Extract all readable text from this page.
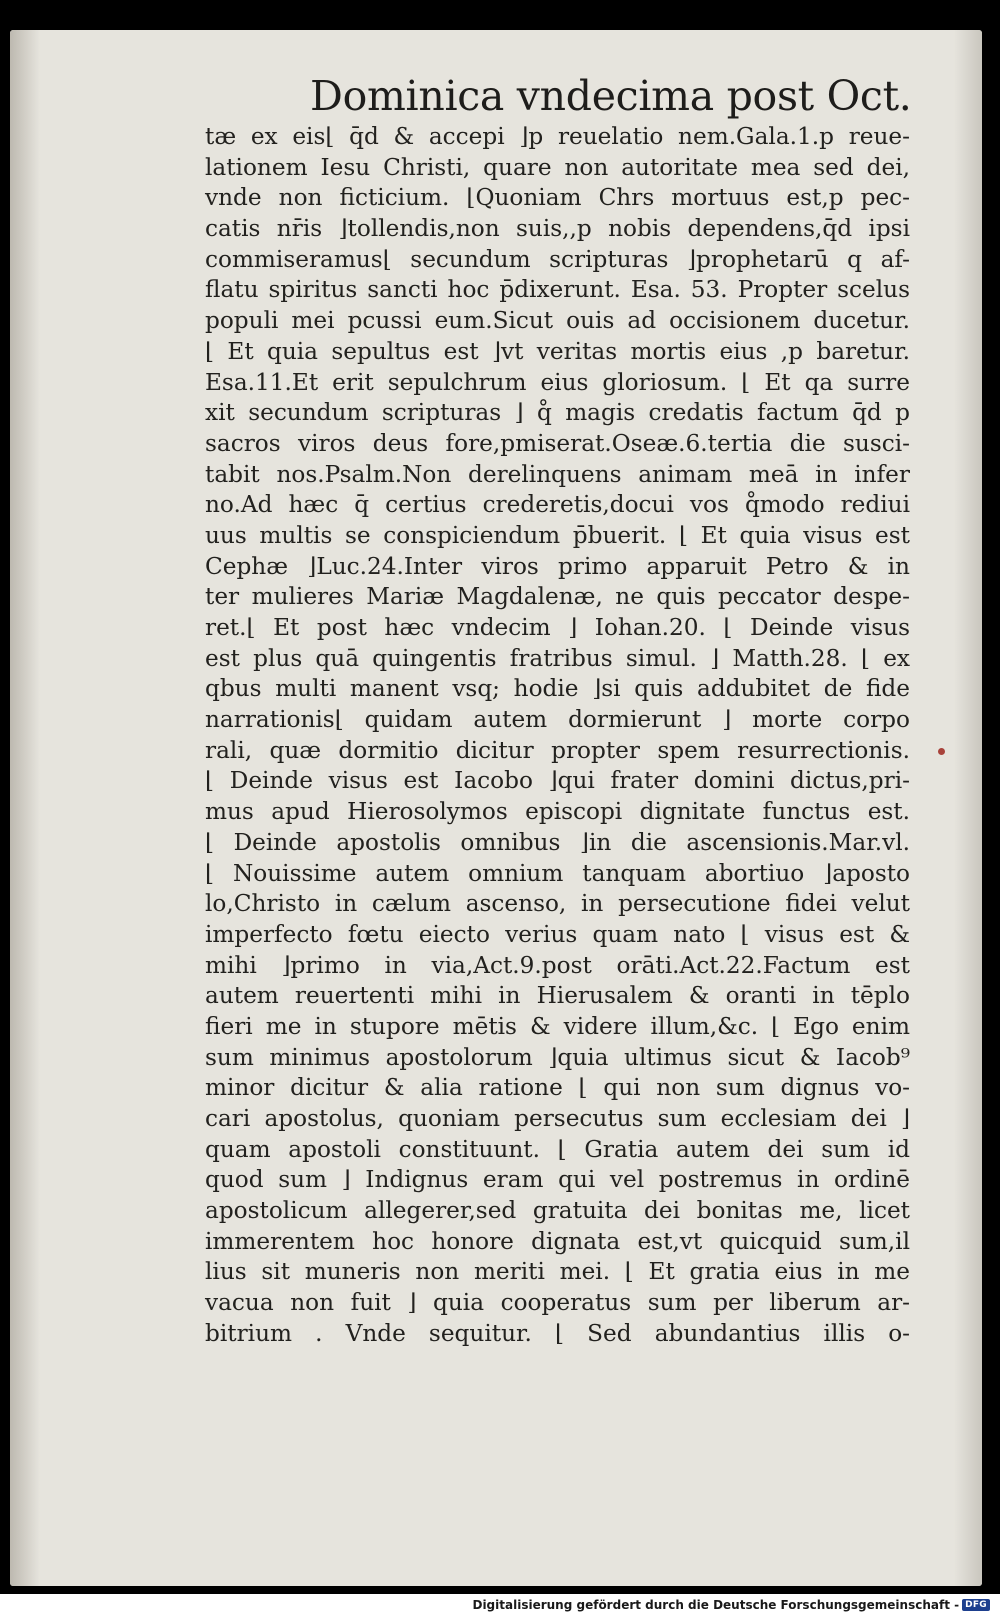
Dominica vndecima post Oct.
tæ ex eis⌊ q̄d & accepi ⌋p reuelatio nem.Gala.1.p reue-
lationem Iesu Christi, quare non autoritate mea sed dei,
vnde non ficticium. ⌊Quoniam Chrs mortuus est,p pec-
catis nr̄is ⌋tollendis,non suis,,p nobis dependens,q̄d ipsi
commiseramus⌊ secundum scripturas ⌋prophetarū q af-
flatu spiritus sancti hoc p̄dixerunt. Esa. 53. Propter scelus
populi mei pcussi eum.Sicut ouis ad occisionem ducetur.
⌊ Et quia sepultus est ⌋vt veritas mortis eius ,p baretur.
Esa.11.Et erit sepulchrum eius gloriosum. ⌊ Et qa surre
xit secundum scripturas ⌋ q̊ magis credatis factum q̄d p
sacros viros deus fore,pmiserat.Oseæ.6.tertia die susci-
tabit nos.Psalm.Non derelinquens animam meā in infer
no.Ad hæc q̄ certius crederetis,docui vos q̊modo rediui
uus multis se conspiciendum p̄buerit. ⌊ Et quia visus est
Cephæ ⌋Luc.24.Inter viros primo apparuit Petro & in
ter mulieres Mariæ Magdalenæ, ne quis peccator despe-
ret.⌊ Et post hæc vndecim ⌋ Iohan.20. ⌊ Deinde visus
est plus quā quingentis fratribus simul. ⌋ Matth.28. ⌊ ex
qbus multi manent vsq; hodie ⌋si quis addubitet de fide
narrationis⌊ quidam autem dormierunt ⌋ morte corpo
rali, quæ dormitio dicitur propter spem resurrectionis.
⌊ Deinde visus est Iacobo ⌋qui frater domini dictus,pri-
mus apud Hierosolymos episcopi dignitate functus est.
⌊ Deinde apostolis omnibus ⌋in die ascensionis.Mar.vl.
⌊ Nouissime autem omnium tanquam abortiuo ⌋aposto
lo,Christo in cælum ascenso, in persecutione fidei velut
imperfecto fœtu eiecto verius quam nato ⌊ visus est &
mihi ⌋primo in via,Act.9.post orāti.Act.22.Factum est
autem reuertenti mihi in Hierusalem & oranti in tēplo
fieri me in stupore mētis & videre illum,&c. ⌊ Ego enim
sum minimus apostolorum ⌋quia ultimus sicut & Iacob⁹
minor dicitur & alia ratione ⌊ qui non sum dignus vo-
cari apostolus, quoniam persecutus sum ecclesiam dei ⌋
quam apostoli constituunt. ⌊ Gratia autem dei sum id
quod sum ⌋ Indignus eram qui vel postremus in ordinē
apostolicum allegerer,sed gratuita dei bonitas me, licet
immerentem hoc honore dignata est,vt quicquid sum,il
lius sit muneris non meriti mei. ⌊ Et gratia eius in me
vacua non fuit ⌋ quia cooperatus sum per liberum ar-
bitrium . Vnde sequitur. ⌊ Sed abundantius illis o-
Digitalisierung gefördert durch die Deutsche Forschungsgemeinschaft - DFG
